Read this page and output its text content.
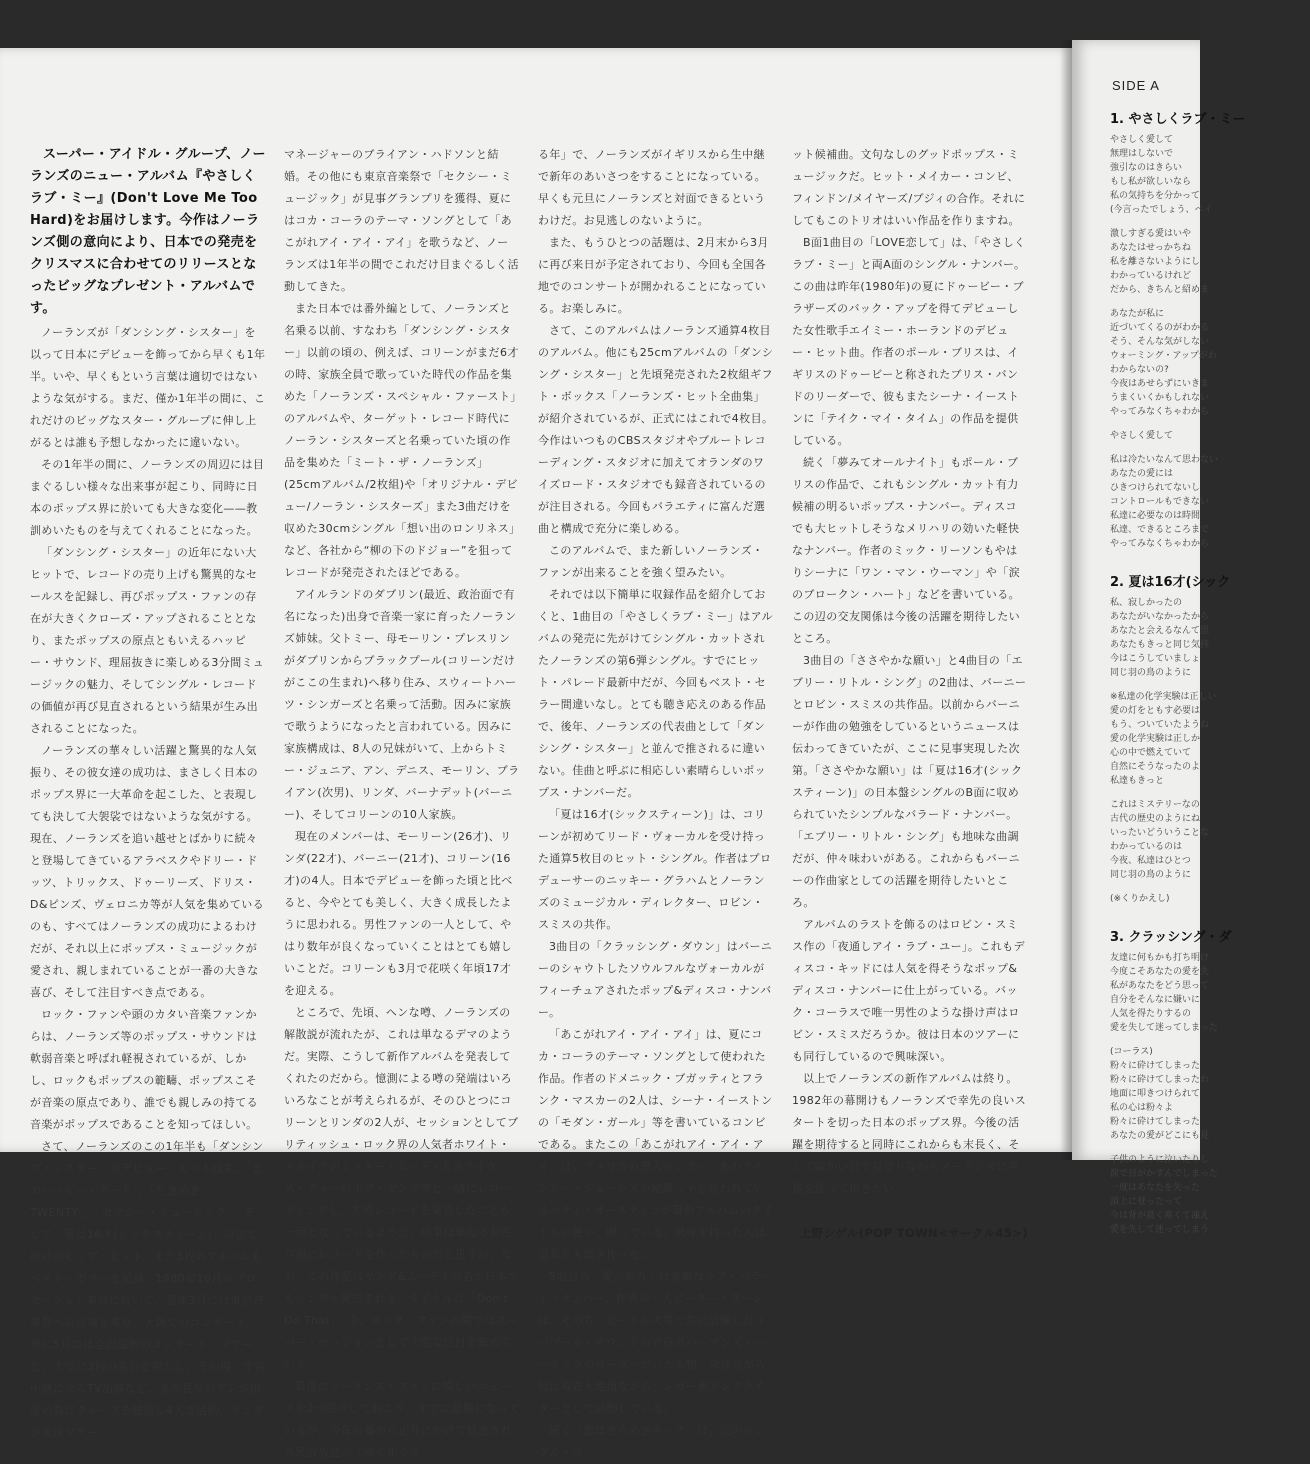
スーパー・アイドル・グループ、ノーランズのニュー・アルバム『やさしくラブ・ミー』(Don't Love Me Too Hard)をお届けします。今作はノーランズ側の意向により、日本での発売をクリスマスに合わせてのリリースとなったビッグなプレゼント・アルバムです。

ノーランズが「ダンシング・シスター」を以って日本にデビューを飾ってから早くも1年半。いや、早くもという言葉は適切ではないような気がする。まだ、僅か1年半の間に、これだけのビッグなスター・グループに伸し上がるとは誰も予想しなかったに違いない。

その1年半の間に、ノーランズの周辺には目まぐるしい様々な出来事が起こり、同時に日本のポップス界に於いても大きな変化——教訓めいたものを与えてくれることになった。

「ダンシング・シスター」の近年にない大ヒットで、レコードの売り上げも驚異的なセールスを記録し、再びポップス・ファンの存在が大きくクローズ・アップされることとなり、またポップスの原点ともいえるハッピー・サウンド、理屈抜きに楽しめる3分間ミュージックの魅力、そしてシングル・レコードの価値が再び見直されるという結果が生み出されることになった。

ノーランズの華々しい活躍と驚異的な人気振り、その彼女達の成功は、まさしく日本のポップス界に一大革命を起こした、と表現しても決して大袈裟ではないような気がする。現在、ノーランズを追い越せとばかりに続々と登場してきているアラベスクやドリー・ドッツ、トリックス、ドゥーリーズ、ドリス・D&ピンズ、ヴェロニカ等が人気を集めているのも、すべてはノーランズの成功によるわけだが、それ以上にポップス・ミュージックが愛され、親しまれていることが一番の大きな喜び、そして注目すべき点である。

ロック・ファンや頭のカタい音楽ファンからは、ノーランズ等のポップス・サウンドは軟弱音楽と呼ばれ軽視されているが、しかし、ロックもポップスの範疇、ポップスこそが音楽の原点であり、誰でも親しみの持てる音楽がポップスであることを知ってほしい。

さて、ノーランズのこの1年半も「ダンシング・シスター」のデビュー・ヒット以来、「恋のハッピー・デート」、「ときめきTWENTY」、「セクシー・ミュージック」、そして「夏は16才(シックスティーン)」の立て続けのビッグ・ヒット、また3枚のアルバムもベスト・セラーを記録。1980年10月のプロモーション来日に続いて、翌年3月には東京音楽祭への出場と東京、大阪でのコンサート、更に5月には全国縦断のコンサート・ツアーと、すでに3回の来日を果たし、その間、宇宙中継によるTV出演など、また長女のアンが出産の為にグループを脱退し4人で活動、リンダが先頃ツアー・

マネージャーのブライアン・ハドソンと結婚。その他にも東京音楽祭で「セクシー・ミュージック」が見事グランプリを獲得、夏にはコカ・コーラのテーマ・ソングとして「あこがれアイ・アイ・アイ」を歌うなど、ノーランズは1年半の間でこれだけ目まぐるしく活動してきた。

また日本では番外編として、ノーランズと名乗る以前、すなわち「ダンシング・シスター」以前の頃の、例えば、コリーンがまだ6才の時、家族全員で歌っていた時代の作品を集めた「ノーランズ・スペシャル・ファースト」のアルバムや、ターゲット・レコード時代にノーラン・シスターズと名乗っていた頃の作品を集めた「ミート・ザ・ノーランズ」(25cmアルバム/2枚組)や「オリジナル・デビュー/ノーラン・シスターズ」また3曲だけを収めた30cmシングル「想い出のロンリネス」など、各社から“柳の下のドジョー”を狙ってレコードが発売されたほどである。

アイルランドのダブリン(最近、政治面で有名になった)出身で音楽一家に育ったノーランズ姉妹。父トミー、母モーリン・プレスリンがダブリンからブラックプール(コリーンだけがここの生まれ)へ移り住み、スウィートハーツ・シンガーズと名乗って活動。因みに家族で歌うようになったと言われている。因みに家族構成は、8人の兄妹がいて、上からトミー・ジュニア、アン、デニス、モーリン、ブライアン(次男)、リンダ、バーナデット(バーニー)、そしてコリーンの10人家族。

現在のメンバーは、モーリーン(26才)、リンダ(22才)、バーニー(21才)、コリーン(16才)の4人。日本でデビューを飾った頃と比べると、今やとても美しく、大きく成長したように思われる。男性ファンの一人として、やはり数年が良くなっていくことはとても嬉しいことだ。コリーンも3月で花咲く年頃17才を迎える。

ところで、先頃、ヘンな噂、ノーランズの解散説が流れたが、これは単なるデマのようだ。実際、こうして新作アルバムを発表してくれたのだから。憶測による噂の発端はいろいろなことが考えられるが、そのひとつにコリーンとリンダの2人が、セッションとしてブリティッシュ・ロック界の人気者ホワイト・スネイクのミッキー・ムーディとステイタス・クォーのボブ・ヤング等と一緒にレコーディングし、先頃レコードを発表したことも一因となっているようだ。結果は単なるお遊び風にレコードを作ったものだと思うが、なお、この作品はヤング&ムーディの名で日本でもシングル発売される。タイトルは「Don't Do That」。今、ロック・ファンの間ではスーパー・セッションとして大変な注目を集めている。

最後にノーランズ・ファンに嬉しいニュースを2つ紹介しておこう。すでに話題になっているが、今年の暮から正月にかけて放送される民放放送の「ゆく年くる

る年」で、ノーランズがイギリスから生中継で新年のあいさつをすることになっている。早くも元旦にノーランズと対面できるというわけだ。お見逃しのないように。

また、もうひとつの話題は、2月末から3月に再び来日が予定されており、今回も全国各地でのコンサートが開かれることになっている。お楽しみに。

さて、このアルバムはノーランズ通算4枚目のアルバム。他にも25cmアルバムの「ダンシング・シスター」と先頃発売された2枚組ギフト・ボックス「ノーランズ・ヒット全曲集」が紹介されているが、正式にはこれで4枚目。今作はいつものCBSスタジオやブルートレコーディング・スタジオに加えてオランダのワイズロード・スタジオでも録音されているのが注目される。今回もバラエティに富んだ選曲と構成で充分に楽しめる。

このアルバムで、また新しいノーランズ・ファンが出来ることを強く望みたい。

それでは以下簡単に収録作品を紹介しておくと、1曲目の「やさしくラブ・ミー」はアルバムの発売に先がけてシングル・カットされたノーランズの第6弾シングル。すでにヒット・パレード最新中だが、今回もベスト・セラー間違いなし。とても聴き応えのある作品で、後年、ノーランズの代表曲として「ダンシング・シスター」と並んで推されるに違いない。佳曲と呼ぶに相応しい素晴らしいポップス・ナンバーだ。

「夏は16才(シックスティーン)」は、コリーンが初めてリード・ヴォーカルを受け持った通算5枚目のヒット・シングル。作者はプロデューサーのニッキー・グラハムとノーランズのミュージカル・ディレクター、ロビン・スミスの共作。

3曲目の「クラッシング・ダウン」はバーニーのシャウトしたソウルフルなヴォーカルがフィーチュアされたポップ&ディスコ・ナンバー。

「あこがれアイ・アイ・アイ」は、夏にコカ・コーラのテーマ・ソングとして使われた作品。作者のドメニック・ブガッティとフランク・マスカーの2人は、シーナ・イーストンの「モダン・ガール」等を書いているコンビである。またこの「あこがれアイ・アイ・アイ」は、アメリカの黒人シンガー、あのクインシー・ジョーンズの秘蔵っ子と言われているパティ・オースティンが最新アルバムのタイトルに使い、唄っている。興味を持った人は是非とも聴き比べを。

5曲目の「愛の祈り」は素敵なラブ・バラード・ナンバー。作者の一人ピーター・ヌーンは、その昔、ビートルズ等と共に活躍したリバプール・サウンドの立役者ハーマンズ・ハーミッツのリーダーだった人物。余談ながら彼は現在も地道ながらシンガー兼ソングライターとして活動している。

続く「恋はきらめきキッス」は、次のシングル・カ

ット候補曲。文句なしのグッドポップス・ミュージックだ。ヒット・メイカー・コンビ、フィンドン/メイヤーズ/ブジィの合作。それにしてもこのトリオはいい作品を作りますね。

B面1曲目の「LOVE恋して」は、「やさしくラブ・ミー」と両A面のシングル・ナンバー。この曲は昨年(1980年)の夏にドゥービー・ブラザーズのバック・アップを得てデビューした女性歌手エイミー・ホーランドのデビュー・ヒット曲。作者のポール・ブリスは、イギリスのドゥービーと称されたブリス・バンドのリーダーで、彼もまたシーナ・イーストンに「テイク・マイ・タイム」の作品を提供している。

続く「夢みてオールナイト」もポール・ブリスの作品で、これもシングル・カット有力候補の明るいポップス・ナンバー。ディスコでも大ヒットしそうなメリハリの効いた軽快なナンバー。作者のミック・リーソンもやはりシーナに「ワン・マン・ウーマン」や「涙のブロークン・ハート」などを書いている。この辺の交友関係は今後の活躍を期待したいところ。

3曲目の「ささやかな願い」と4曲目の「エブリー・リトル・シング」の2曲は、バーニーとロビン・スミスの共作品。以前からバーニーが作曲の勉強をしているというニュースは伝わってきていたが、ここに見事実現した次第。「ささやかな願い」は「夏は16才(シックスティーン)」の日本盤シングルのB面に収められていたシンプルなバラード・ナンバー。「エブリー・リトル・シング」も地味な曲調だが、仲々味わいがある。これからもバーニーの作曲家としての活躍を期待したいところ。

アルバムのラストを飾るのはロビン・スミス作の「夜通しアイ・ラブ・ユー」。これもディスコ・キッドには人気を得そうなポップ&ディスコ・ナンバーに仕上がっている。バック・コーラスで唯一男性のような掛け声はロビン・スミスだろうか。彼は日本のツアーにも同行しているので興味深い。

以上でノーランズの新作アルバムは終り。1982年の幕開けもノーランズで幸先の良いスタートを切った日本のポップス界。今後の活躍を期待すると同時にこれからも末長く、そして暖かい目で見守りながらノーランズに声援を送って頂きたい。

上野シゲル(POP TOWN<サークル45>)

SIDE A
1. やさしくラブ・ミー
やさしく愛して
無理はしないで
強引なのはきらい
もし私が欲しいなら
私の気持ちを分かって
(今言ったでしょう、ベイ
激しすぎる愛はいや
あなたはせっかちね
私を離さないようにし
わかっているけれど
だから、きちんと紹めま
あなたが私に
近づいてくるのがわかる
そう、そんな気がしない
ウォーミング・アップがわ
わからないの?
今夜はあせらずにいきま
うまくいくかもしれない
やってみなくちゃわから
やさしく愛して
私は冷たいなんて思わない
あなたの愛には
ひきつけられてないし
コントロールもできない
私達に必要なのは時間
私達、できるところまで
やってみなくちゃわから
2. 夏は16才(シック
私、寂しかったの
あなたがいなかったから
あなたと会えるなんて思
あなたもきっと同じ気持
今はこうしていましょ
同じ羽の鳥のように
※私達の化学実験は正しい
愛の灯をともす必要は
もう、ついていたようね
愛の化学実験は正しか
心の中で燃えていて
自然にそうなったのよ
私達もきっと
これはミステリーなの
古代の歴史のようにね
いったいどういうことな
わかっているのは
今夜、私達はひとつ
同じ羽の鳥のように
(※くりかえし)
3. クラッシング・ダ
友達に何もかも打ち明け
今度こそあなたの愛を失
私があなたをどう思って
自分をそんなに嫌いに
人気を得たりするの
愛を失して迷ってしまった
(コーラス)
粉々に砕けてしまった
粉々に砕けてしまったわ
地面に叩きつけられて
私の心は粉々よ
粉々に砕けてしまった
あなたの愛がどこにも見
子供のように泣いたりし
涙で目がかすんでしまった
一度はあなたを失った
頂上に登ったって
今は背が高く寒くて凍え
愛を失して迷ってしまう
